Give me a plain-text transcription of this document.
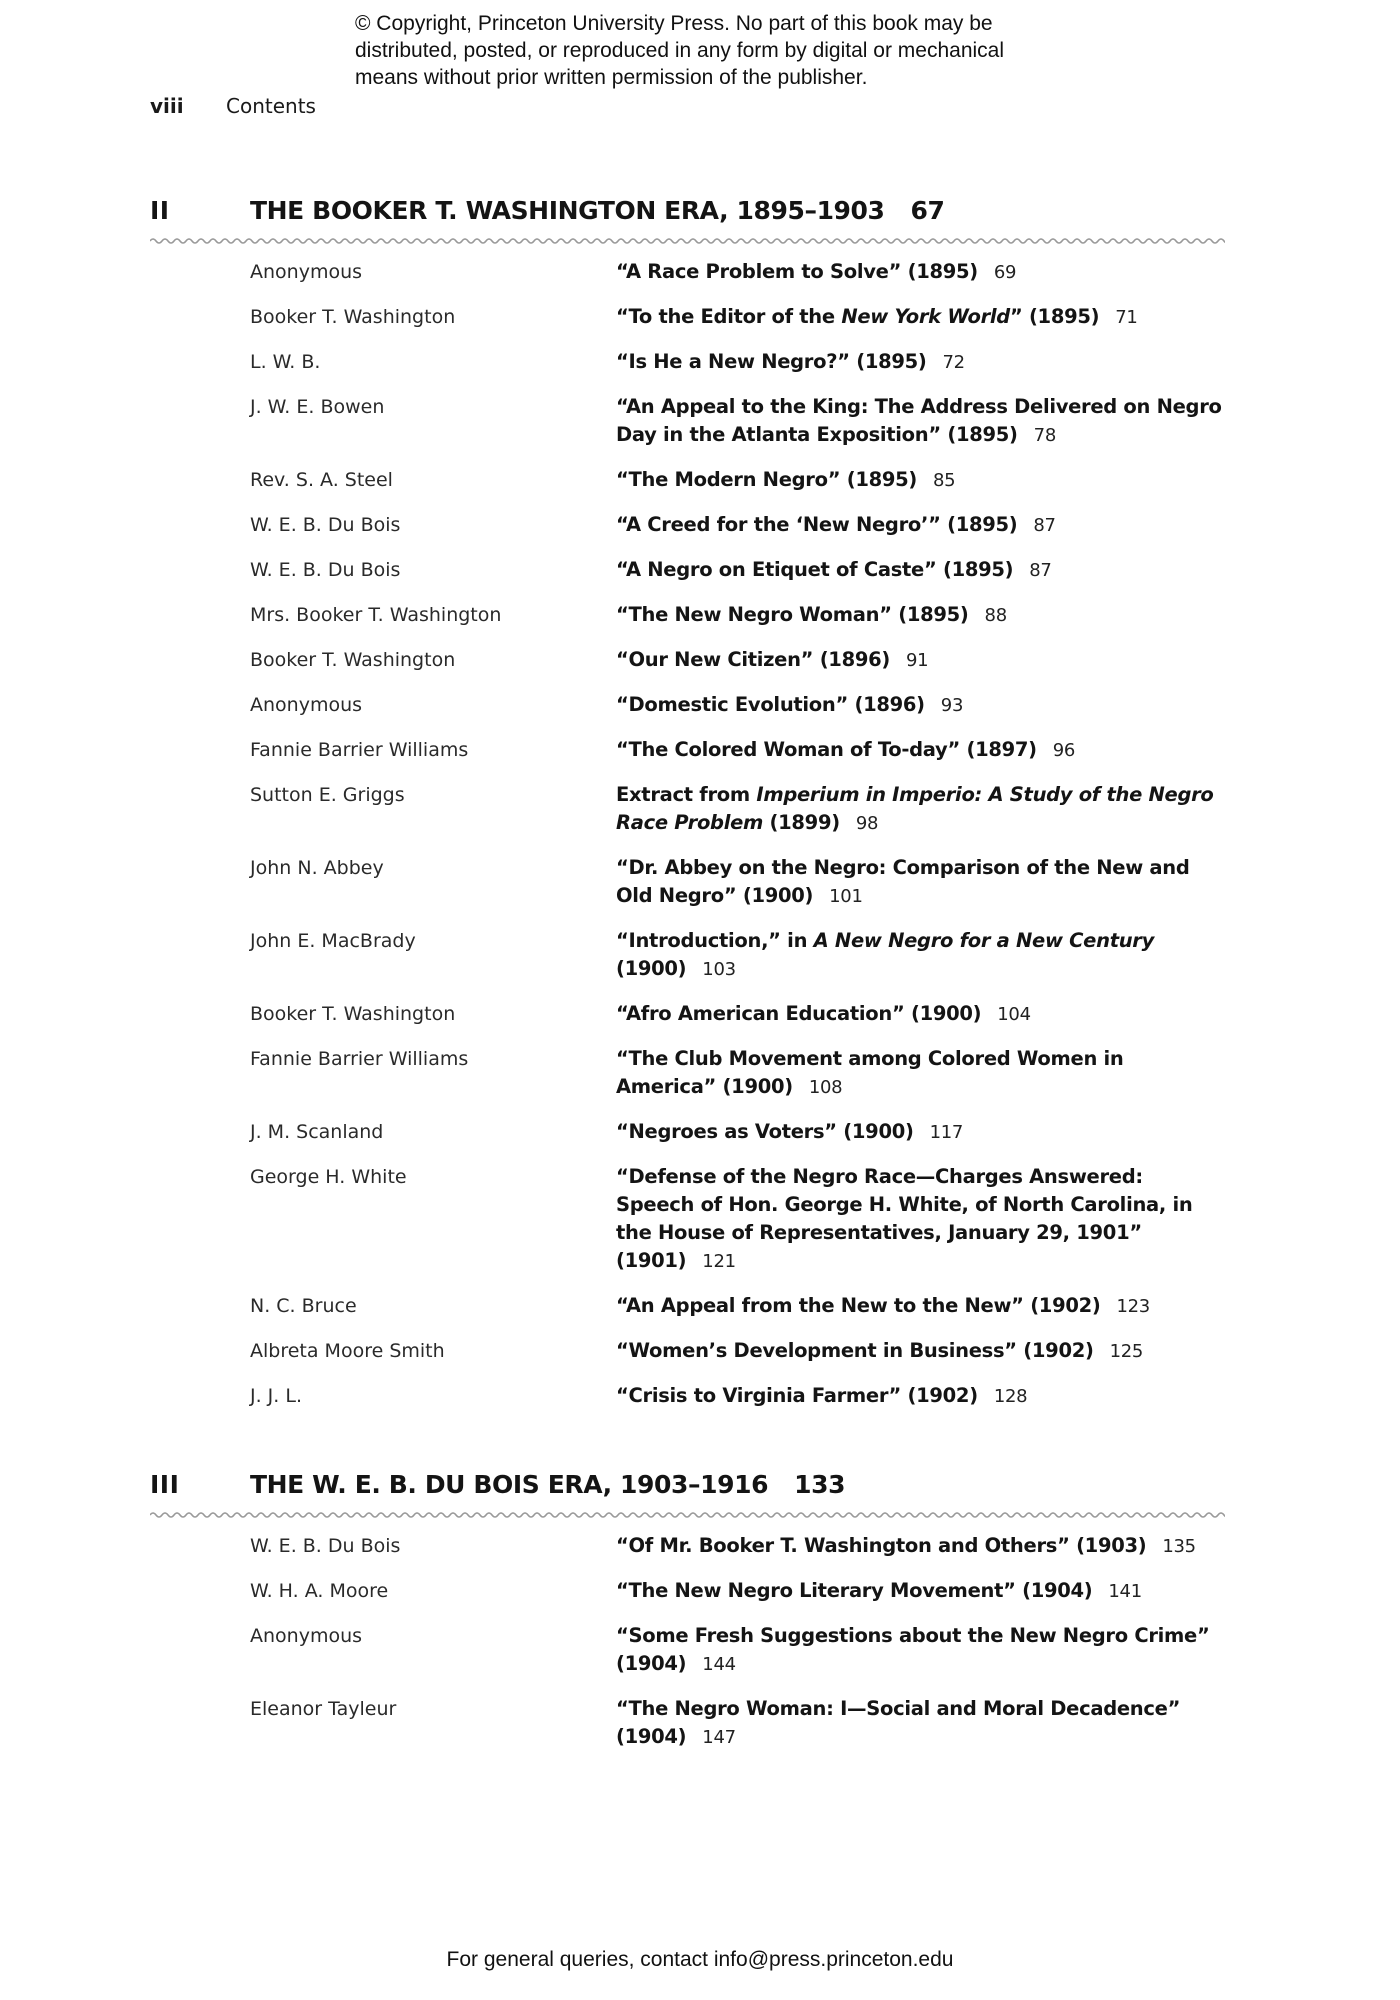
© Copyright, Princeton University Press. No part of this book may be
distributed, posted, or reproduced in any form by digital or mechanical
means without prior written permission of the publisher.
viii Contents
II	THE BOOKER T. WASHINGTON ERA, 1895–1903 67
Anonymous	“A Race Problem to Solve” (1895) 69
Booker T. Washington	“To the Editor of the New York World” (1895) 71
L. W. B.	“Is He a New Negro?” (1895) 72
J. W. E. Bowen	“An Appeal to the King: The Address Delivered on Negro Day in the Atlanta Exposition” (1895) 78
Rev. S. A. Steel	“The Modern Negro” (1895) 85
W. E. B. Du Bois	“A Creed for the ‘New Negro’” (1895) 87
W. E. B. Du Bois	“A Negro on Etiquet of Caste” (1895) 87
Mrs. Booker T. Washington	“The New Negro Woman” (1895) 88
Booker T. Washington	“Our New Citizen” (1896) 91
Anonymous	“Domestic Evolution” (1896) 93
Fannie Barrier Williams	“The Colored Woman of To-day” (1897) 96
Sutton E. Griggs	Extract from Imperium in Imperio: A Study of the Negro Race Problem (1899) 98
John N. Abbey	“Dr. Abbey on the Negro: Comparison of the New and Old Negro” (1900) 101
John E. MacBrady	“Introduction,” in A New Negro for a New Century (1900) 103
Booker T. Washington	“Afro American Education” (1900) 104
Fannie Barrier Williams	“The Club Movement among Colored Women in America” (1900) 108
J. M. Scanland	“Negroes as Voters” (1900) 117
George H. White	“Defense of the Negro Race—Charges Answered: Speech of Hon. George H. White, of North Carolina, in the House of Representatives, January 29, 1901” (1901) 121
N. C. Bruce	“An Appeal from the New to the New” (1902) 123
Albreta Moore Smith	“Women’s Development in Business” (1902) 125
J. J. L.	“Crisis to Virginia Farmer” (1902) 128
III	THE W. E. B. DU BOIS ERA, 1903–1916 133
W. E. B. Du Bois	“Of Mr. Booker T. Washington and Others” (1903) 135
W. H. A. Moore	“The New Negro Literary Movement” (1904) 141
Anonymous	“Some Fresh Suggestions about the New Negro Crime” (1904) 144
Eleanor Tayleur	“The Negro Woman: I—Social and Moral Decadence” (1904) 147
For general queries, contact info@press.princeton.edu
